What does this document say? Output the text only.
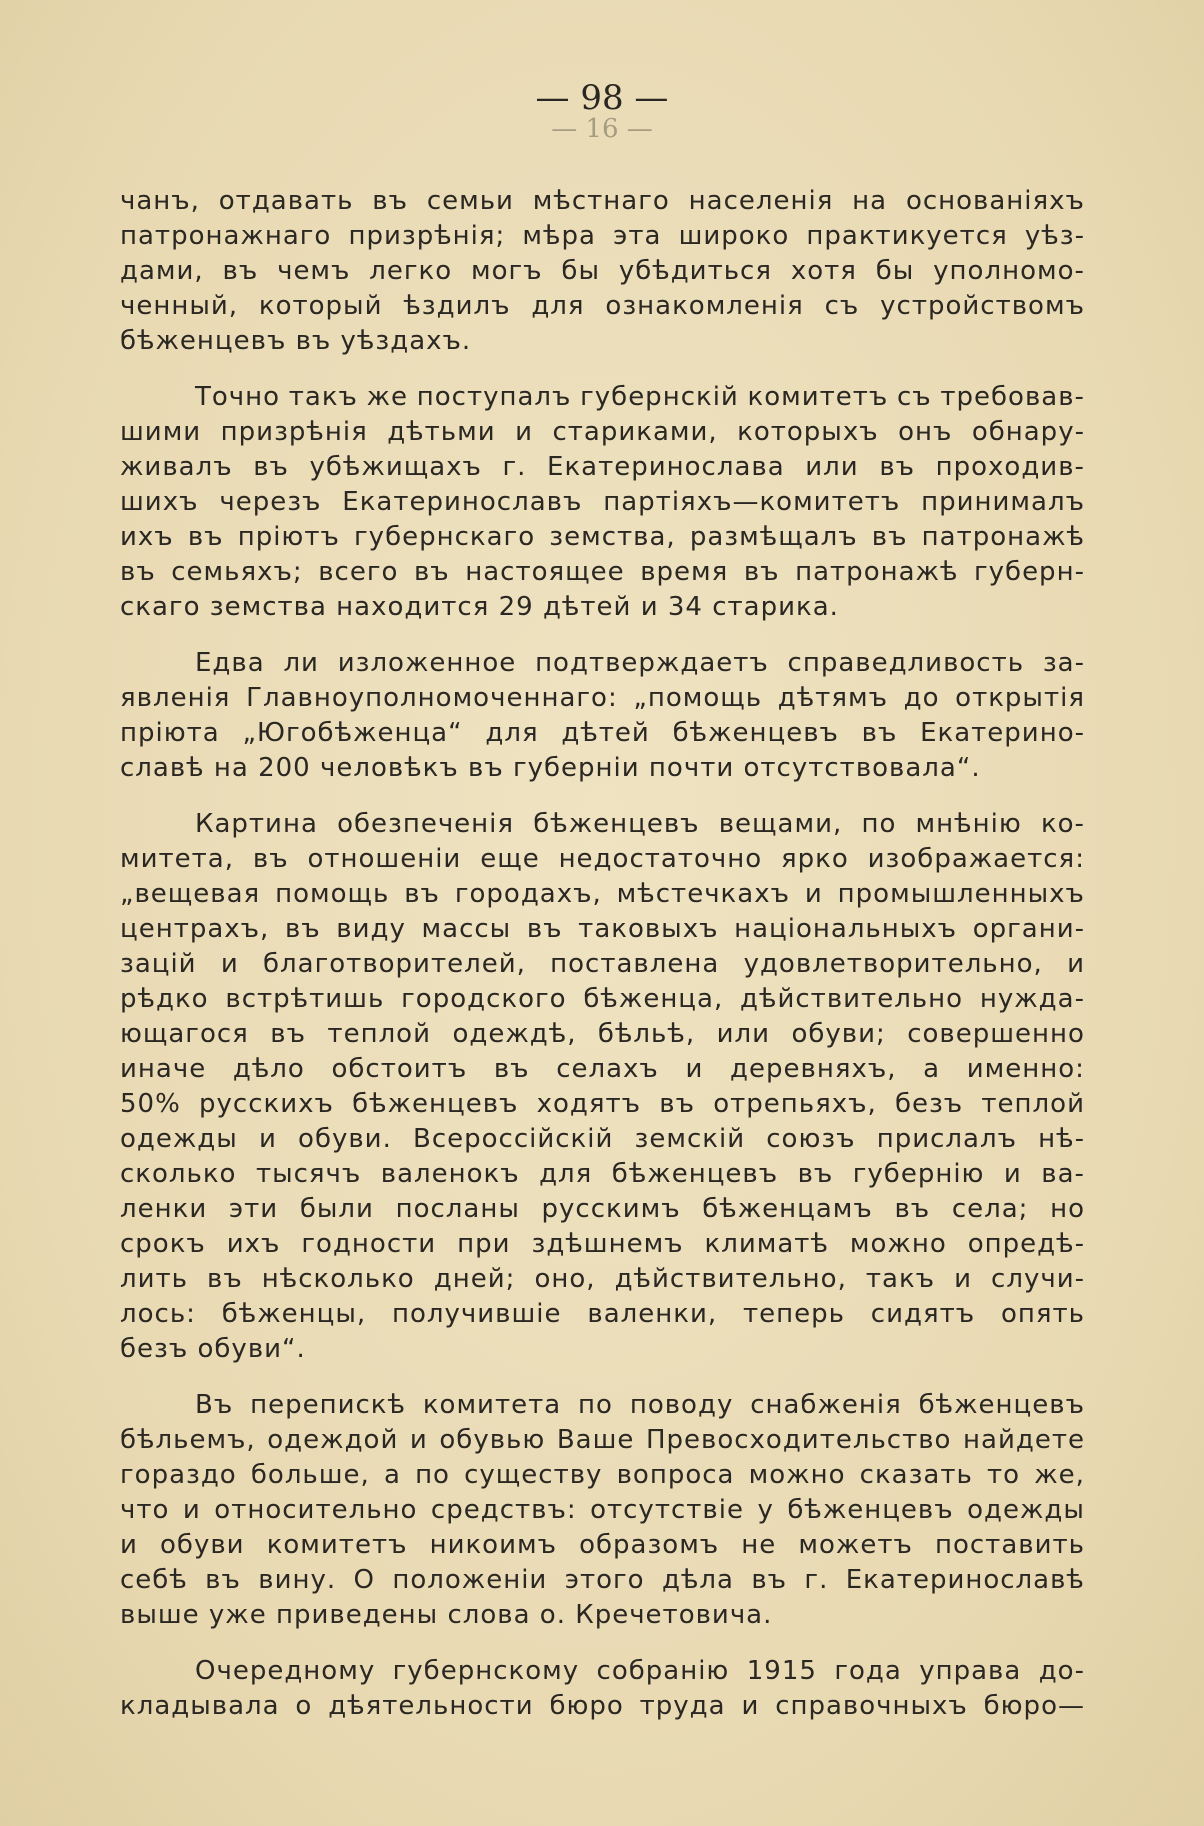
— 98 —
— 16 —
чанъ, отдавать въ семьи мѣстнаго населенія на основаніяхъ
патронажнаго призрѣнія; мѣра эта широко практикуется уѣз-
дами, въ чемъ легко могъ бы убѣдиться хотя бы уполномо-
ченный, который ѣздилъ для ознакомленія съ устройствомъ
бѣженцевъ въ уѣздахъ.
Точно такъ же поступалъ губернскій комитетъ съ требовав-
шими призрѣнія дѣтьми и стариками, которыхъ онъ обнару-
живалъ въ убѣжищахъ г. Екатеринослава или въ проходив-
шихъ черезъ Екатеринославъ партіяхъ—комитетъ принималъ
ихъ въ пріютъ губернскаго земства, размѣщалъ въ патронажѣ
въ семьяхъ; всего въ настоящее время въ патронажѣ губерн-
скаго земства находится 29 дѣтей и 34 старика.
Едва ли изложенное подтверждаетъ справедливость за-
явленія Главноуполномоченнаго: „помощь дѣтямъ до открытія
пріюта „Югобѣженца“ для дѣтей бѣженцевъ въ Екатерино-
славѣ на 200 человѣкъ въ губерніи почти отсутствовала“.
Картина обезпеченія бѣженцевъ вещами, по мнѣнію ко-
митета, въ отношеніи еще недостаточно ярко изображается:
„вещевая помощь въ городахъ, мѣстечкахъ и промышленныхъ
центрахъ, въ виду массы въ таковыхъ національныхъ органи-
зацій и благотворителей, поставлена удовлетворительно, и
рѣдко встрѣтишь городского бѣженца, дѣйствительно нужда-
ющагося въ теплой одеждѣ, бѣльѣ, или обуви; совершенно
иначе дѣло обстоитъ въ селахъ и деревняхъ, а именно:
50% русскихъ бѣженцевъ ходятъ въ отрепьяхъ, безъ теплой
одежды и обуви. Всероссійскій земскій союзъ прислалъ нѣ-
сколько тысячъ валенокъ для бѣженцевъ въ губернію и ва-
ленки эти были посланы русскимъ бѣженцамъ въ села; но
срокъ ихъ годности при здѣшнемъ климатѣ можно опредѣ-
лить въ нѣсколько дней; оно, дѣйствительно, такъ и случи-
лось: бѣженцы, получившіе валенки, теперь сидятъ опять
безъ обуви“.
Въ перепискѣ комитета по поводу снабженія бѣженцевъ
бѣльемъ, одеждой и обувью Ваше Превосходительство найдете
гораздо больше, а по существу вопроса можно сказать то же,
что и относительно средствъ: отсутствіе у бѣженцевъ одежды
и обуви комитетъ никоимъ образомъ не можетъ поставить
себѣ въ вину. О положеніи этого дѣла въ г. Екатеринославѣ
выше уже приведены слова о. Кречетовича.
Очередному губернскому собранію 1915 года управа до-
кладывала о дѣятельности бюро труда и справочныхъ бюро—
